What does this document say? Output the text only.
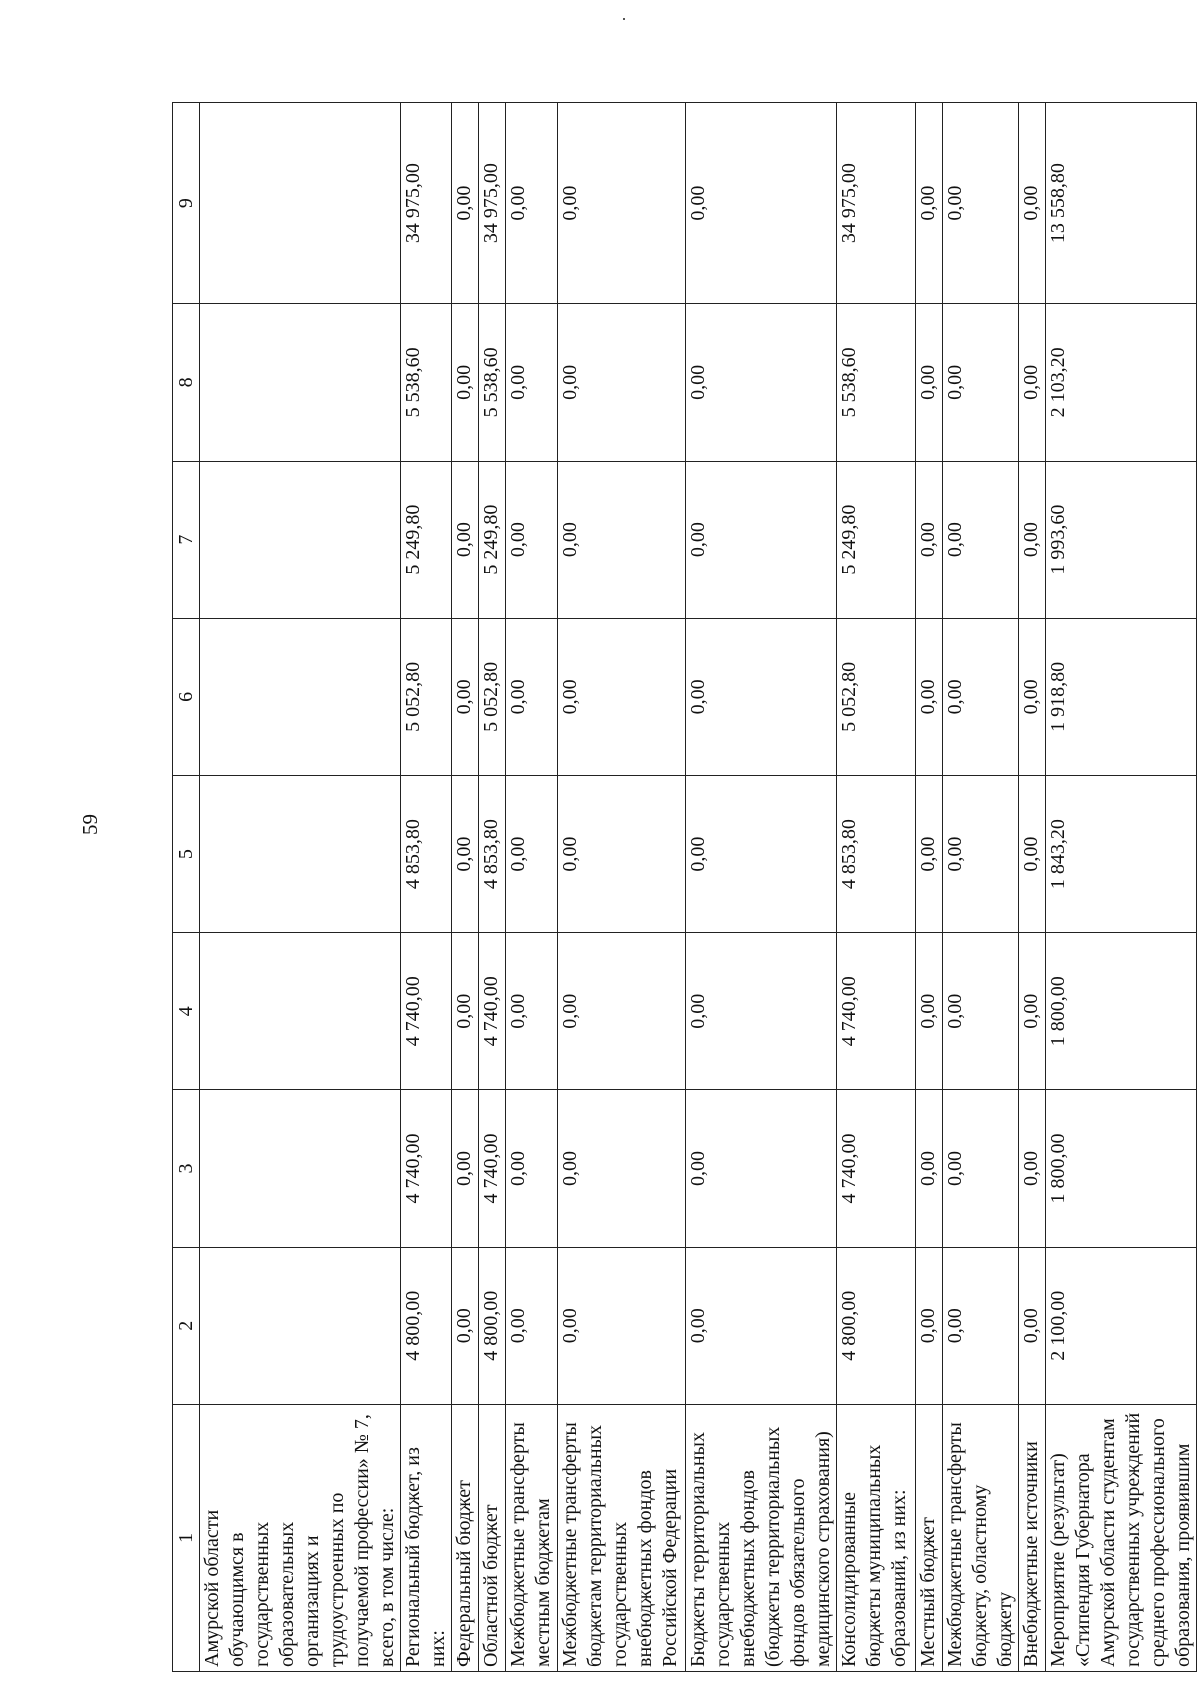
59
1	2	3	4	5	6	7	8	9
Амурской области обучающимся в государственных образовательных организациях и трудоустроенных по получаемой профессии» № 7, всего, в том числе:								
Региональный бюджет, из них:	4 800,00	4 740,00	4 740,00	4 853,80	5 052,80	5 249,80	5 538,60	34 975,00
Федеральный бюджет	0,00	0,00	0,00	0,00	0,00	0,00	0,00	0,00
Областной бюджет	4 800,00	4 740,00	4 740,00	4 853,80	5 052,80	5 249,80	5 538,60	34 975,00
Межбюджетные трансферты местным бюджетам	0,00	0,00	0,00	0,00	0,00	0,00	0,00	0,00
Межбюджетные трансферты бюджетам территориальных государственных внебюджетных фондов Российской Федерации	0,00	0,00	0,00	0,00	0,00	0,00	0,00	0,00
Бюджеты территориальных государственных внебюджетных фондов (бюджеты территориальных фондов обязательного медицинского страхования)	0,00	0,00	0,00	0,00	0,00	0,00	0,00	0,00
Консолидированные бюджеты муниципальных образований, из них:	4 800,00	4 740,00	4 740,00	4 853,80	5 052,80	5 249,80	5 538,60	34 975,00
Местный бюджет	0,00	0,00	0,00	0,00	0,00	0,00	0,00	0,00
Межбюджетные трансферты бюджету, областному бюджету	0,00	0,00	0,00	0,00	0,00	0,00	0,00	0,00
Внебюджетные источники	0,00	0,00	0,00	0,00	0,00	0,00	0,00	0,00
Мероприятие (результат) «Стипендия Губернатора Амурской области студентам государственных учреждений среднего профессионального образования, проявившим	2 100,00	1 800,00	1 800,00	1 843,20	1 918,80	1 993,60	2 103,20	13 558,80
